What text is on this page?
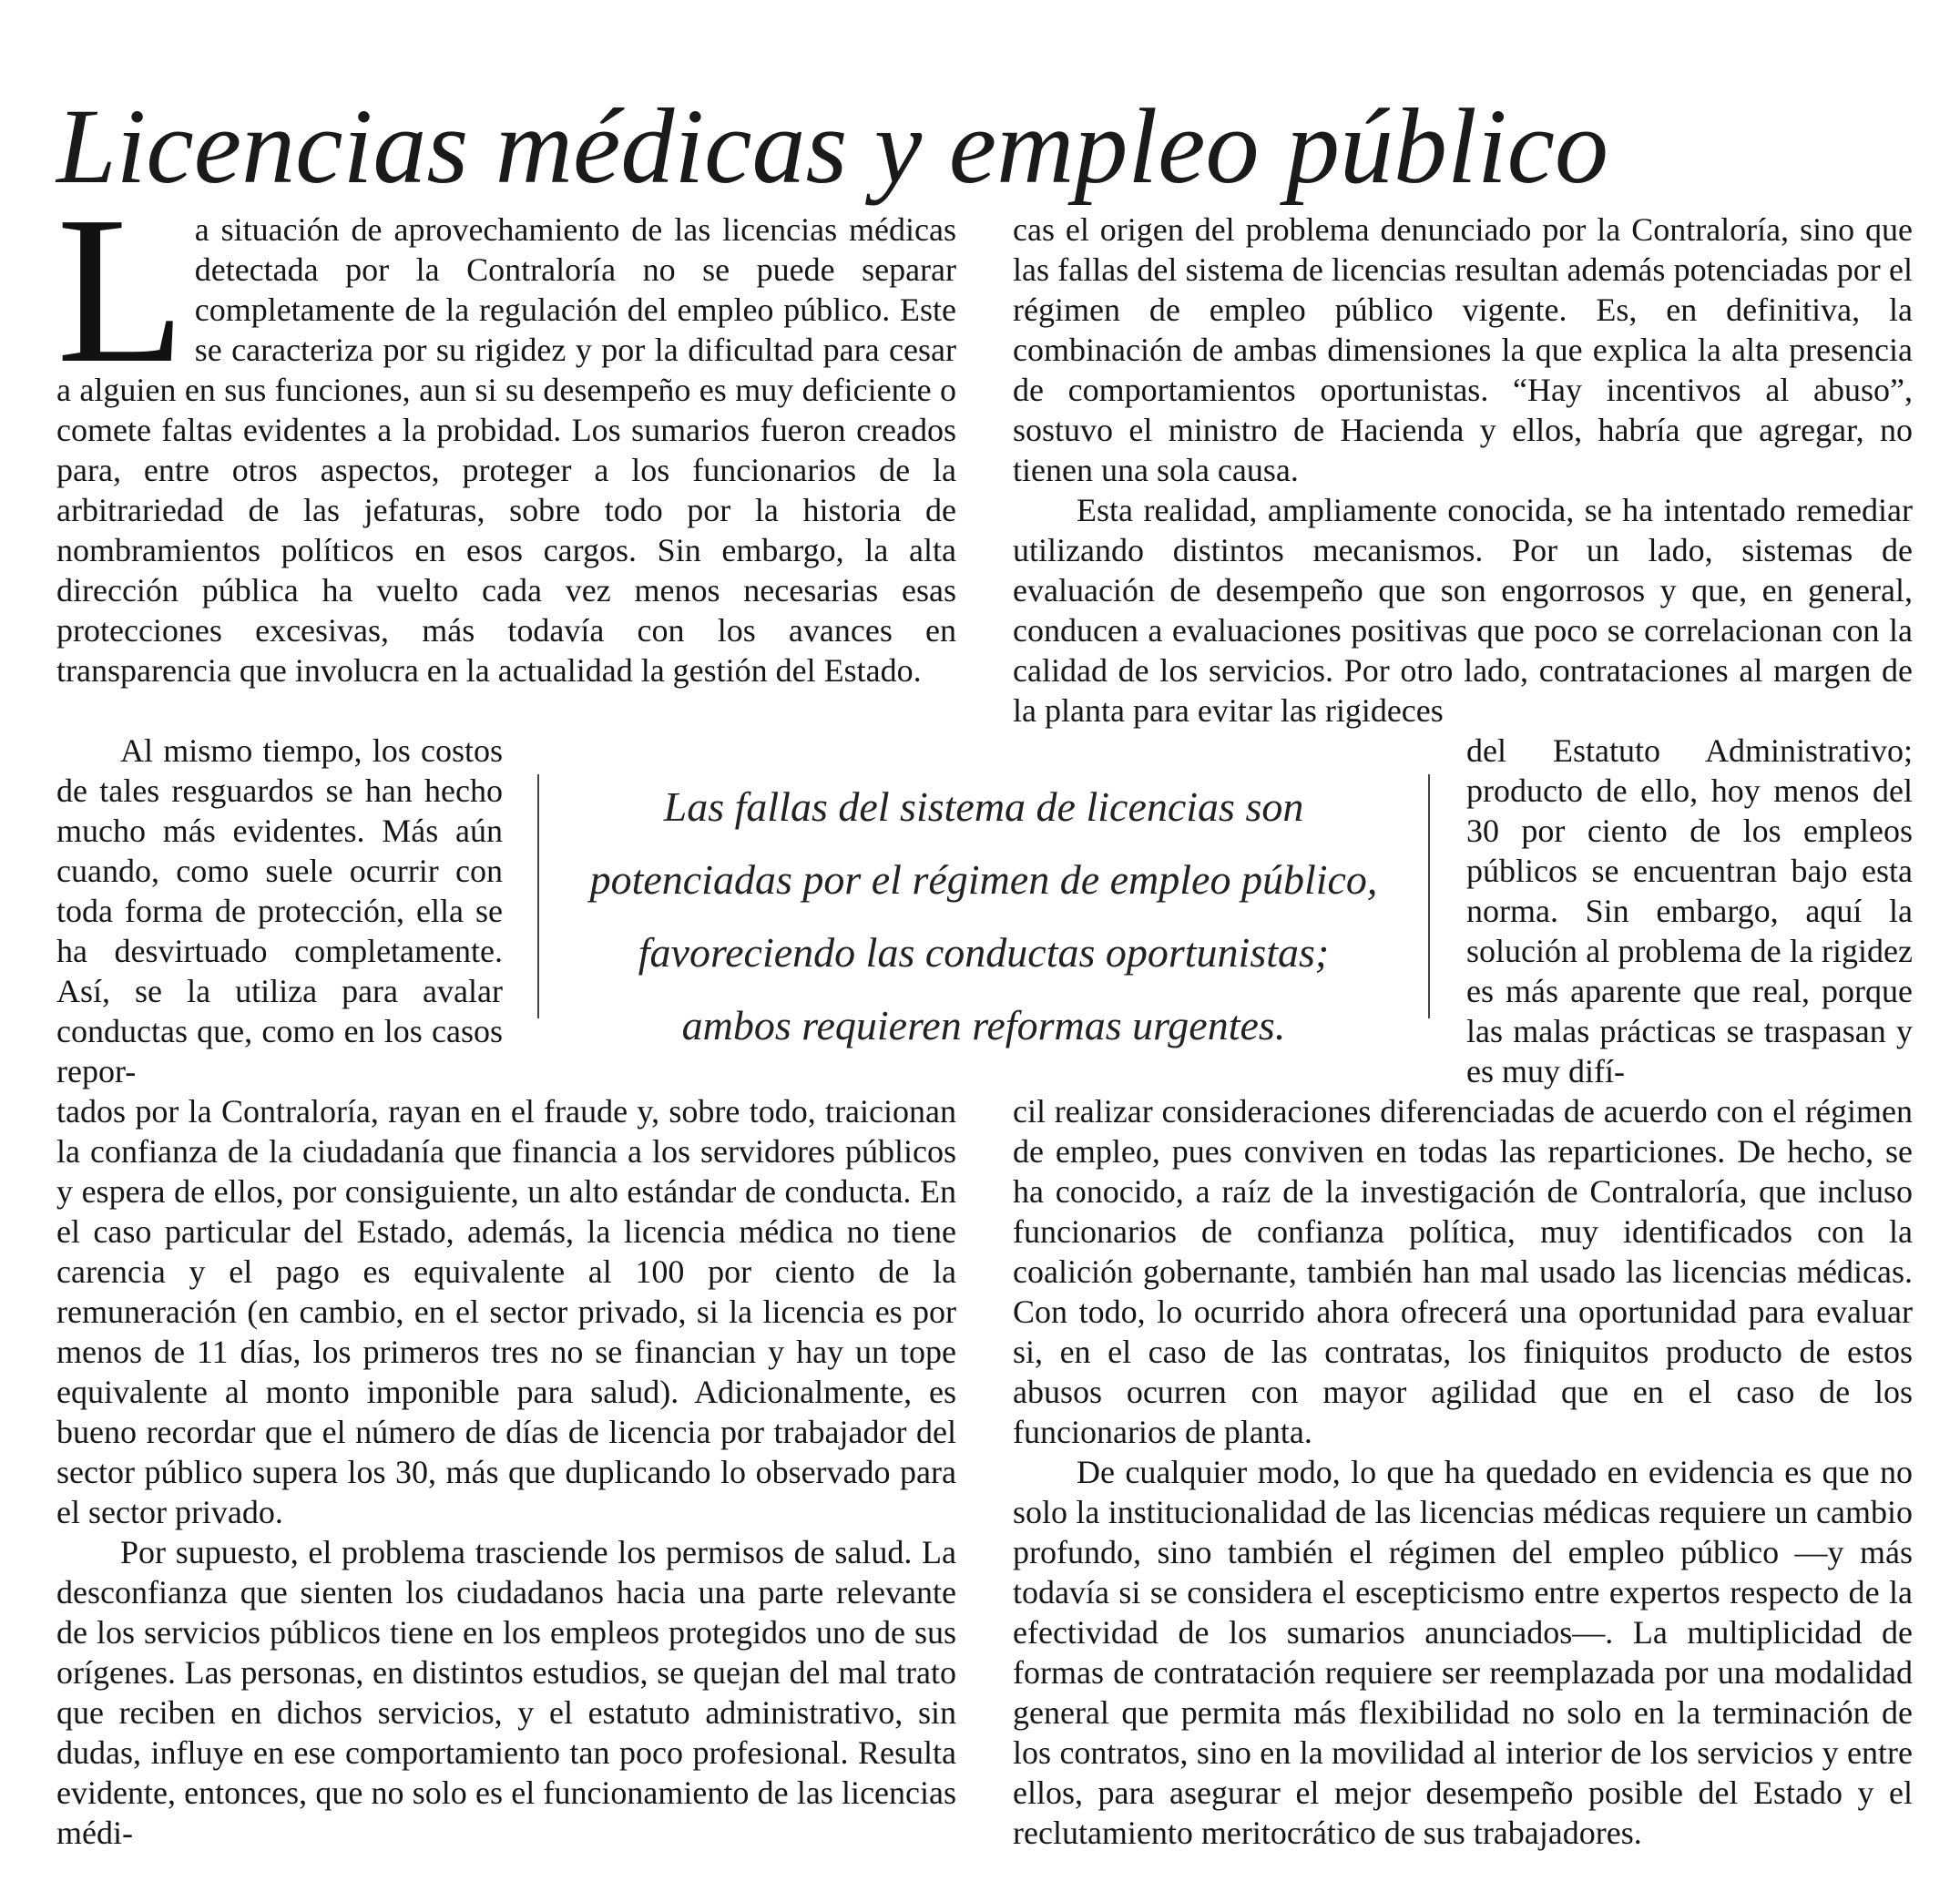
Licencias médicas y empleo público
L a situación de aprovechamiento de las licencias médicas detectada por la Contraloría no se puede separar completamente de la regulación del empleo público. Este se caracteriza por su rigidez y por la dificultad para cesar a alguien en sus funciones, aun si su desempeño es muy deficiente o comete faltas evidentes a la probidad. Los sumarios fueron creados para, entre otros aspectos, proteger a los funcionarios de la arbitrariedad de las jefaturas, sobre todo por la historia de nombramientos políticos en esos cargos. Sin embargo, la alta dirección pública ha vuelto cada vez menos necesarias esas protecciones excesivas, más todavía con los avances en transparencia que involucra en la actualidad la gestión del Estado.

Al mismo tiempo, los costos de tales resguardos se han hecho mucho más evidentes. Más aún cuando, como suele ocurrir con toda forma de protección, ella se ha desvirtuado completamente. Así, se la utiliza para avalar conductas que, como en los casos repor-

tados por la Contraloría, rayan en el fraude y, sobre todo, traicionan la confianza de la ciudadanía que financia a los servidores públicos y espera de ellos, por consiguiente, un alto estándar de conducta. En el caso particular del Estado, además, la licencia médica no tiene carencia y el pago es equivalente al 100 por ciento de la remuneración (en cambio, en el sector privado, si la licencia es por menos de 11 días, los primeros tres no se financian y hay un tope equivalente al monto imponible para salud). Adicionalmente, es bueno recordar que el número de días de licencia por trabajador del sector público supera los 30, más que duplicando lo observado para el sector privado.

Por supuesto, el problema trasciende los permisos de salud. La desconfianza que sienten los ciudadanos hacia una parte relevante de los servicios públicos tiene en los empleos protegidos uno de sus orígenes. Las personas, en distintos estudios, se quejan del mal trato que reciben en dichos servicios, y el estatuto administrativo, sin dudas, influye en ese comportamiento tan poco profesional. Resulta evidente, entonces, que no solo es el funcionamiento de las licencias médi-

cas el origen del problema denunciado por la Contraloría, sino que las fallas del sistema de licencias resultan además potenciadas por el régimen de empleo público vigente. Es, en definitiva, la combinación de ambas dimensiones la que explica la alta presencia de comportamientos oportunistas. “Hay incentivos al abuso”, sostuvo el ministro de Hacienda y ellos, habría que agregar, no tienen una sola causa.

Esta realidad, ampliamente conocida, se ha intentado remediar utilizando distintos mecanismos. Por un lado, sistemas de evaluación de desempeño que son engorrosos y que, en general, conducen a evaluaciones positivas que poco se correlacionan con la calidad de los servicios. Por otro lado, contrataciones al margen de la planta para evitar las rigideces

del Estatuto Administrativo; producto de ello, hoy menos del 30 por ciento de los empleos públicos se encuentran bajo esta norma. Sin embargo, aquí la solución al problema de la rigidez es más aparente que real, porque las malas prácticas se traspasan y es muy difí-

cil realizar consideraciones diferenciadas de acuerdo con el régimen de empleo, pues conviven en todas las reparticiones. De hecho, se ha conocido, a raíz de la investigación de Contraloría, que incluso funcionarios de confianza política, muy identificados con la coalición gobernante, también han mal usado las licencias médicas. Con todo, lo ocurrido ahora ofrecerá una oportunidad para evaluar si, en el caso de las contratas, los finiquitos producto de estos abusos ocurren con mayor agilidad que en el caso de los funcionarios de planta.

De cualquier modo, lo que ha quedado en evidencia es que no solo la institucionalidad de las licencias médicas requiere un cambio profundo, sino también el régimen del empleo público —y más todavía si se considera el escepticismo entre expertos respecto de la efectividad de los sumarios anunciados—. La multiplicidad de formas de contratación requiere ser reemplazada por una modalidad general que permita más flexibilidad no solo en la terminación de los contratos, sino en la movilidad al interior de los servicios y entre ellos, para asegurar el mejor desempeño posible del Estado y el reclutamiento meritocrático de sus trabajadores.

Las fallas del sistema de licencias son
potenciadas por el régimen de empleo público,
favoreciendo las conductas oportunistas;
ambos requieren reformas urgentes.
